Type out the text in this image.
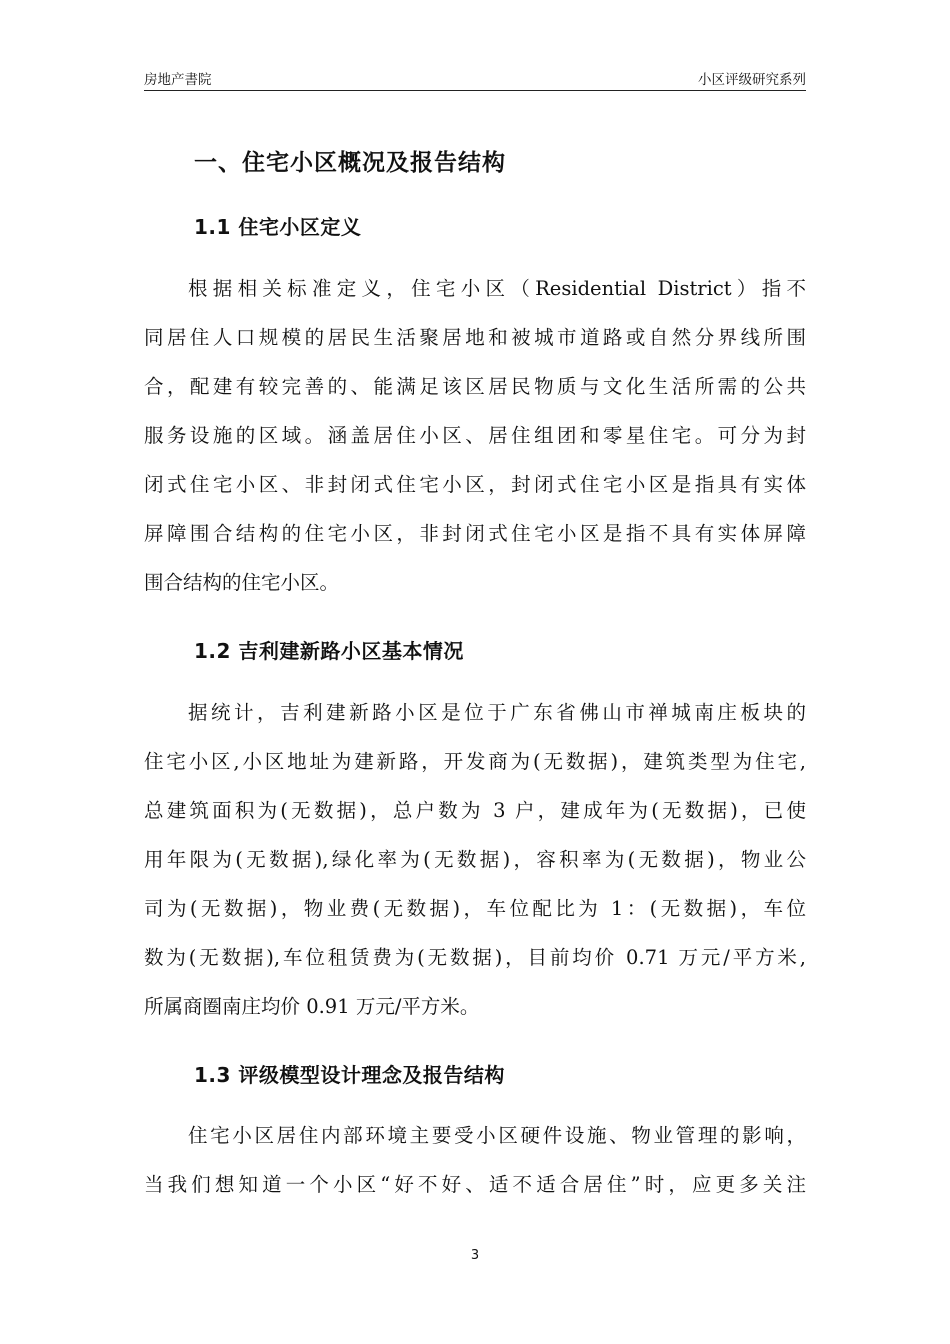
房地产書院	小区评级研究系列
一、住宅小区概况及报告结构
1.1 住宅小区定义

根据相关标准定义，住宅小区（Residential District）指不
同居住人口规模的居民生活聚居地和被城市道路或自然分界线所围
合，配建有较完善的、能满足该区居民物质与文化生活所需的公共
服务设施的区域。涵盖居住小区、居住组团和零星住宅。可分为封
闭式住宅小区、非封闭式住宅小区，封闭式住宅小区是指具有实体
屏障围合结构的住宅小区，非封闭式住宅小区是指不具有实体屏障
围合结构的住宅小区。

1.2 吉利建新路小区基本情况

据统计，吉利建新路小区是位于广东省佛山市禅城南庄板块的
住宅小区,小区地址为建新路，开发商为(无数据)，建筑类型为住宅,
总建筑面积为(无数据)，总户数为 3 户，建成年为(无数据)，已使
用年限为(无数据),绿化率为(无数据)，容积率为(无数据)，物业公
司为(无数据)，物业费(无数据)，车位配比为 1：(无数据)，车位
数为(无数据),车位租赁费为(无数据)，目前均价 0.71 万元/平方米,
所属商圈南庄均价 0.91 万元/平方米。

1.3 评级模型设计理念及报告结构

住宅小区居住内部环境主要受小区硬件设施、物业管理的影响，
当我们想知道一个小区“好不好、适不适合居住”时，应更多关注

3
